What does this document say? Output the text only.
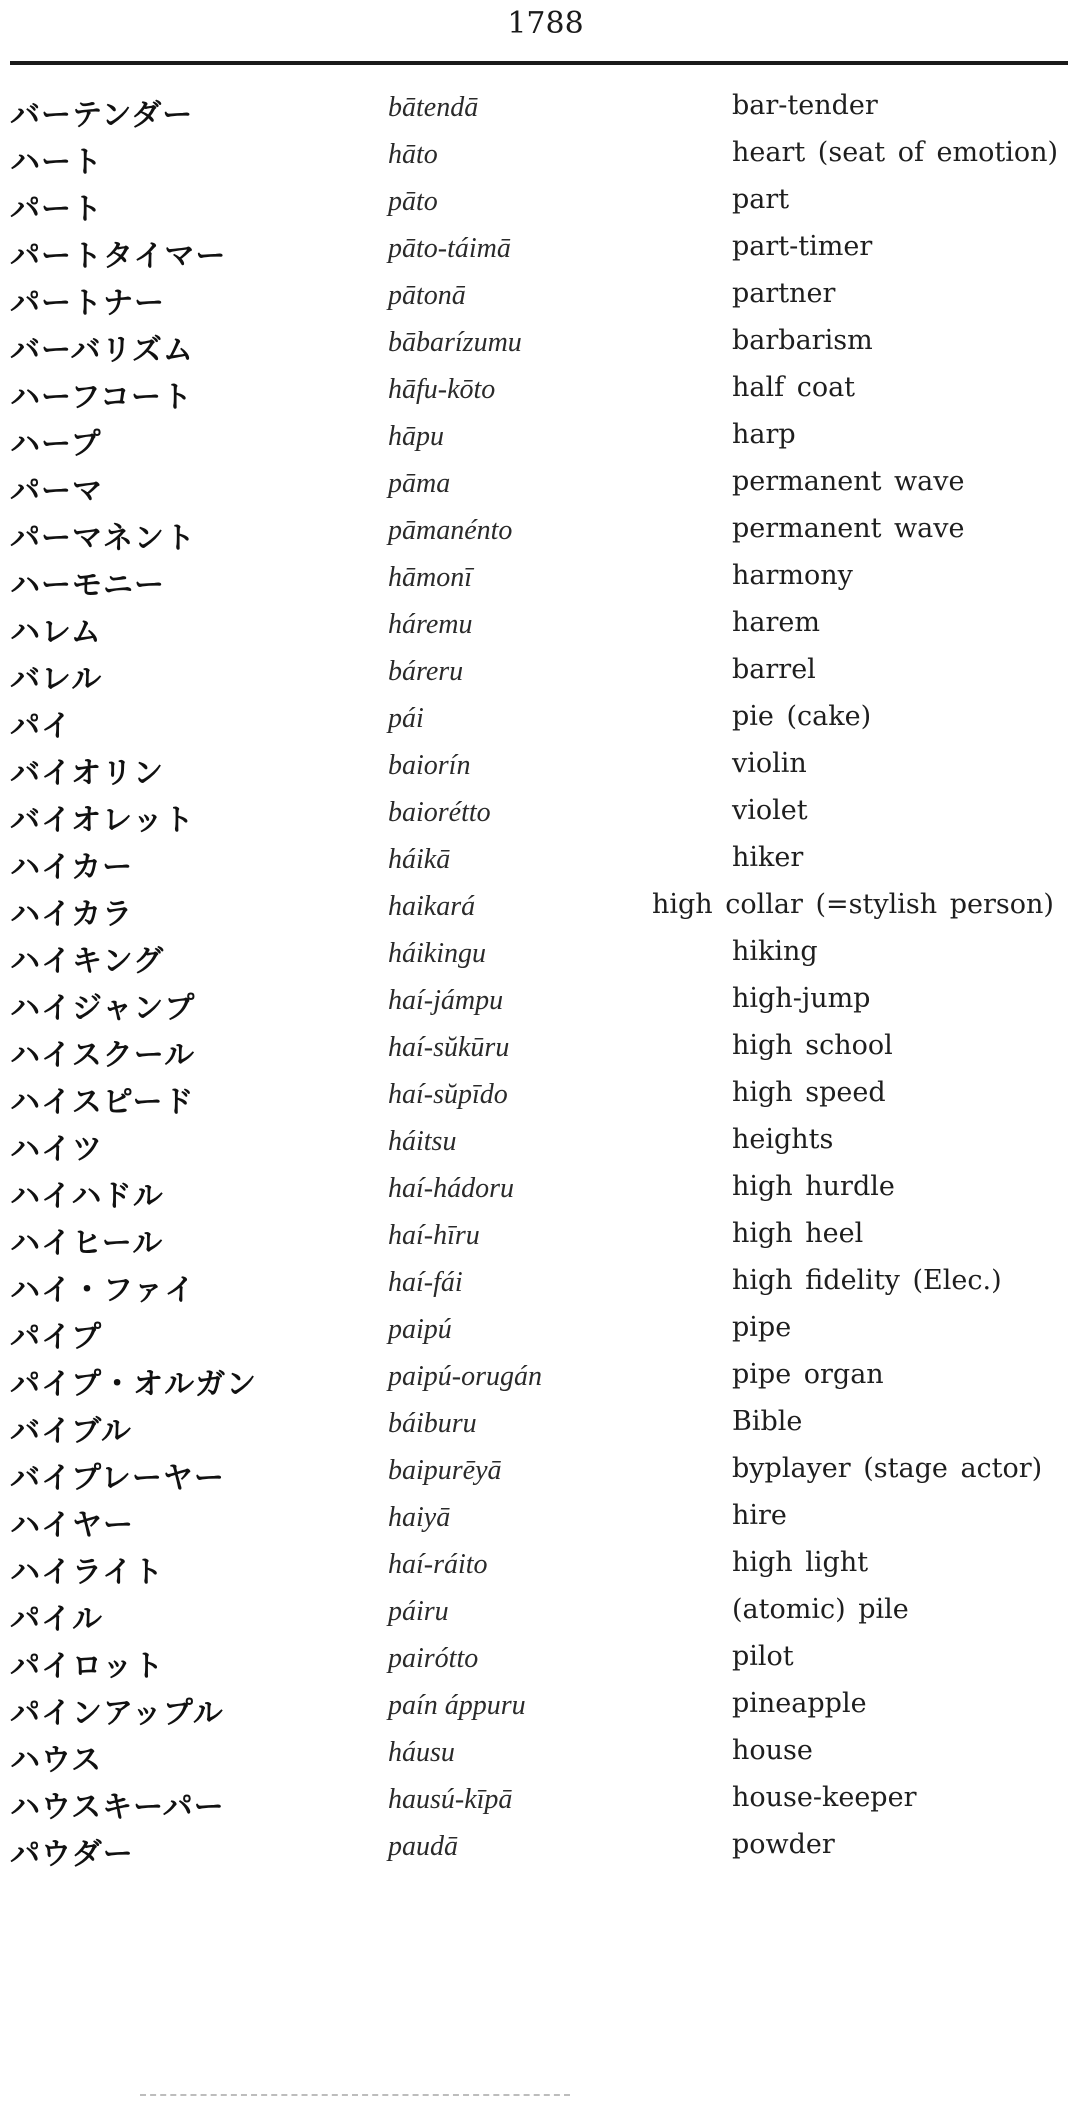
1788
バーテンダー	bātendā	bar-tender
ハート	hāto	heart (seat of emotion)
パート	pāto	part
パートタイマー	pāto-táimā	part-timer
パートナー	pātonā	partner
バーバリズム	bābarízumu	barbarism
ハーフコート	hāfu-kōto	half coat
ハープ	hāpu	harp
パーマ	pāma	permanent wave
パーマネント	pāmanénto	permanent wave
ハーモニー	hāmonī	harmony
ハレム	háremu	harem
バレル	báreru	barrel
パイ	pái	pie (cake)
バイオリン	baiorín	violin
バイオレット	baiorétto	violet
ハイカー	háikā	hiker
ハイカラ	haikará	high collar (=stylish person)
ハイキング	háikingu	hiking
ハイジャンプ	haí-jámpu	high-jump
ハイスクール	haí-sŭkūru	high school
ハイスピード	haí-sŭpīdo	high speed
ハイツ	háitsu	heights
ハイハドル	haí-hádoru	high hurdle
ハイヒール	haí-hīru	high heel
ハイ・ファイ	haí-fái	high fidelity (Elec.)
パイプ	paipú	pipe
パイプ・オルガン	paipú-orugán	pipe organ
バイブル	báiburu	Bible
バイプレーヤー	baipurēyā	byplayer (stage actor)
ハイヤー	haiyā	hire
ハイライト	haí-ráito	high light
パイル	páiru	(atomic) pile
パイロット	pairótto	pilot
パインアップル	paín áppuru	pineapple
ハウス	háusu	house
ハウスキーパー	hausú-kīpā	house-keeper
パウダー	paudā	powder
